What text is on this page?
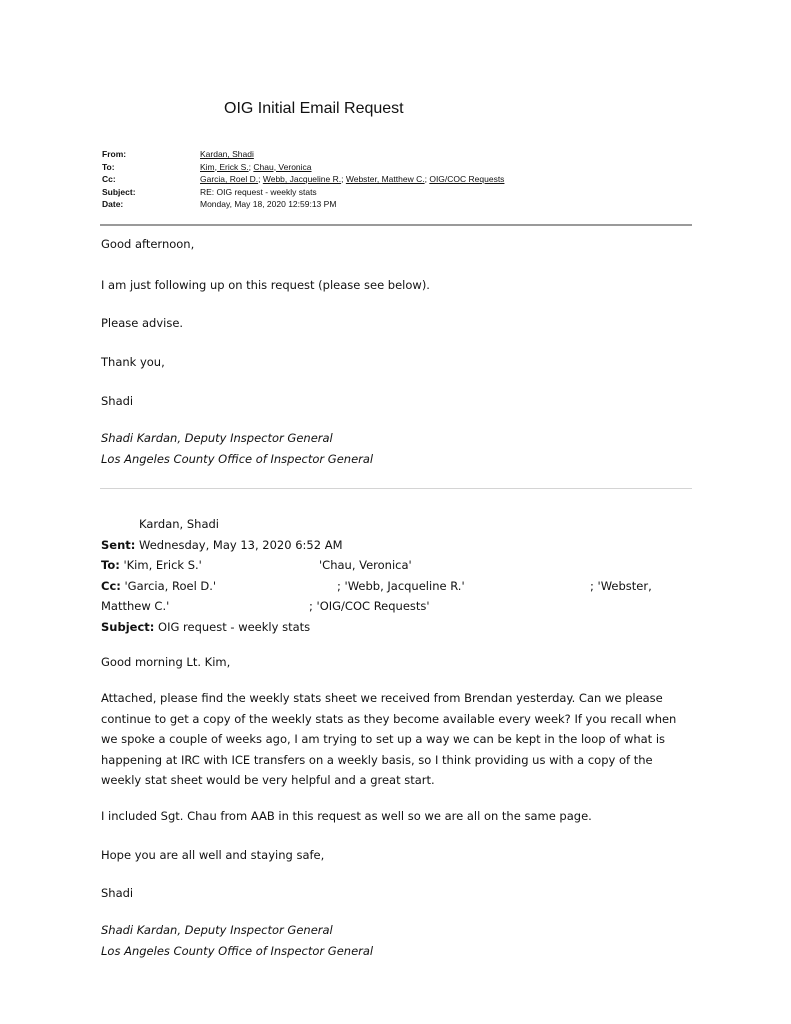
OIG Initial Email Request
From:	Kardan, Shadi
To:	Kim, Erick S.; Chau, Veronica
Cc:	Garcia, Roel D.; Webb, Jacqueline R.; Webster, Matthew C.; OIG/COC Requests
Subject:	RE: OIG request - weekly stats
Date:	Monday, May 18, 2020 12:59:13 PM
Good afternoon,
I am just following up on this request (please see below).
Please advise.
Thank you,
Shadi
Shadi Kardan, Deputy Inspector General
Los Angeles County Office of Inspector General
Kardan, Shadi
Sent: Wednesday, May 13, 2020 6:52 AM
To: 'Kim, Erick S.'	'Chau, Veronica'
Cc: 'Garcia, Roel D.'	; 'Webb, Jacqueline R.'	; 'Webster,
Matthew C.'	; 'OIG/COC Requests'
Subject: OIG request - weekly stats
Good morning Lt. Kim,
Attached, please find the weekly stats sheet we received from Brendan yesterday. Can we please
continue to get a copy of the weekly stats as they become available every week? If you recall when
we spoke a couple of weeks ago, I am trying to set up a way we can be kept in the loop of what is
happening at IRC with ICE transfers on a weekly basis, so I think providing us with a copy of the
weekly stat sheet would be very helpful and a great start.
I included Sgt. Chau from AAB in this request as well so we are all on the same page.
Hope you are all well and staying safe,
Shadi
Shadi Kardan, Deputy Inspector General
Los Angeles County Office of Inspector General
